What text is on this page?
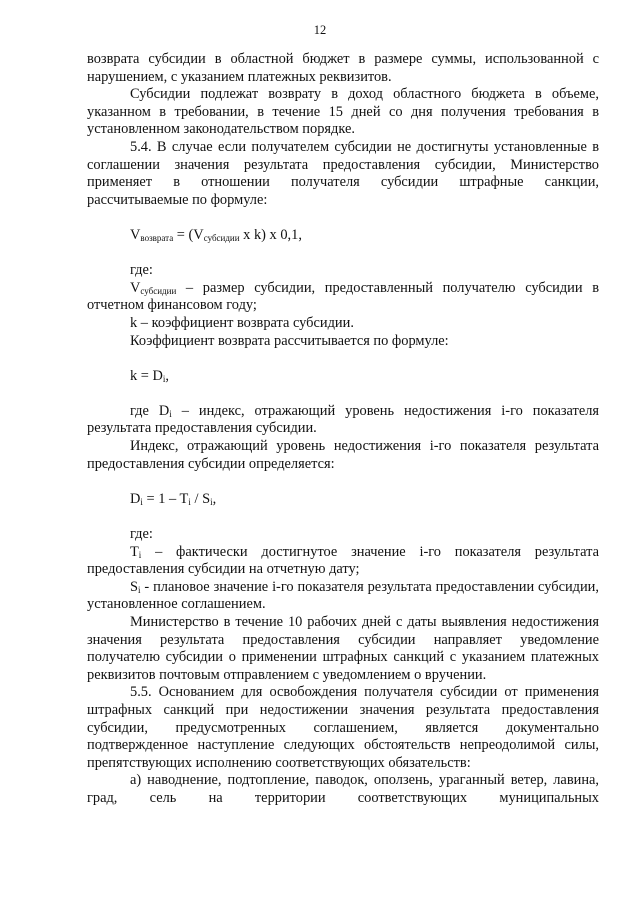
12

возврата субсидии в областной бюджет в размере суммы, использованной с нарушением, с указанием платежных реквизитов.

Субсидии подлежат возврату в доход областного бюджета в объеме, указанном в требовании, в течение 15 дней со дня получения требования в установленном законодательством порядке.

5.4. В случае если получателем субсидии не достигнуты установленные в соглашении значения результата предоставления субсидии, Министерство применяет в отношении получателя субсидии штрафные санкции, рассчитываемые по формуле:

$V_{возврата} = (V_{субсидии}$ x k) x 0,1,

где:

$V_{субсидии}$ – размер субсидии, предоставленный получателю субсидии в отчетном финансовом году;

k – коэффициент возврата субсидии.

Коэффициент возврата рассчитывается по формуле:

$k = D_i$,

где $D_i$ – индекс, отражающий уровень недостижения i-го показателя результата предоставления субсидии.

Индекс, отражающий уровень недостижения i-го показателя результата предоставления субсидии определяется:

$D_i = 1 - T_i / S_i$,

где:

$T_i$ – фактически достигнутое значение i-го показателя результата предоставления субсидии на отчетную дату;

$S_i$ - плановое значение i-го показателя результата предоставлении субсидии, установленное соглашением.

Министерство в течение 10 рабочих дней с даты выявления недостижения значения результата предоставления субсидии направляет уведомление получателю субсидии о применении штрафных санкций с указанием платежных реквизитов почтовым отправлением с уведомлением о вручении.

5.5. Основанием для освобождения получателя субсидии от применения штрафных санкций при недостижении значения результата предоставления субсидии, предусмотренных соглашением, является документально подтвержденное наступление следующих обстоятельств непреодолимой силы, препятствующих исполнению соответствующих обязательств:

а) наводнение, подтопление, паводок, оползень, ураганный ветер, лавина, град, сель на территории соответствующих муниципальных
